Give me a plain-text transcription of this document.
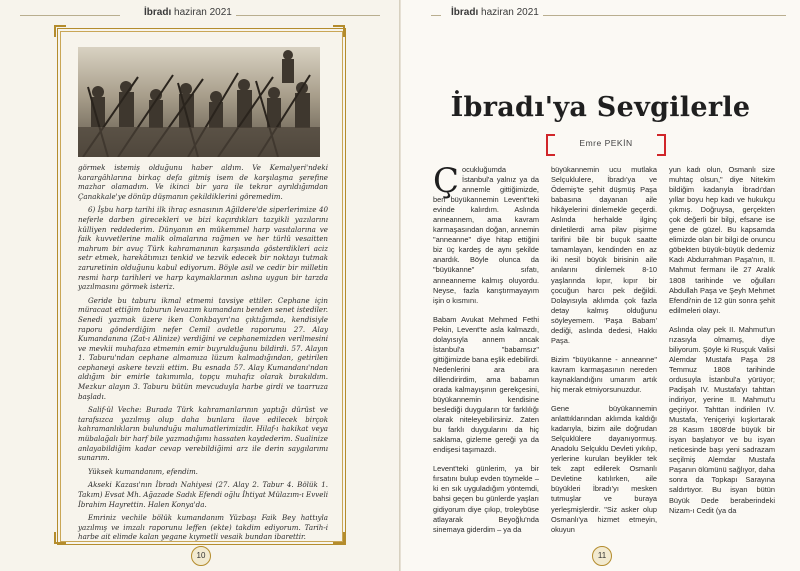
İbradı haziran 2021

görmek istemiş olduğunu haber aldım. Ve Kemalyeri'ndeki karargâhlarına birkaç defa gitmiş isem de karşılaşma şerefine mazhar olamadım. Ve ikinci bir yara ile tekrar ayrıldığımdan Çanakkale'ye dönüp düşmanın çekildiklerini göremedim.

6) İşbu harp tarihi ilk ihraç esnasının Ağildere'de siperlerimize 40 neferle darben girecekleri ve bizi kaçırdıkları tazyikli yazılarını külliyen reddederim. Dünyanın en mükemmel harp vasıtalarına ve faik kuvvetlerine malik olmalarına rağmen ve her türlü vesaitten mahrum bir avuç Türk kahramanının karşısında gösterdikleri aciz setr etmek, harekâtımızı tenkid ve tezvik edecek bir noktayı tutmak zaruretinin olduğunu kabul ediyorum. Böyle asil ve cedir bir milletin resmi harp tarihleri ve harp kaymaklarının aslına uygun bir tarzda yazılmasını görmek isteriz.

Geride bu taburu ikmal etmemi tavsiye ettiler. Cephane için müracaat ettiğim taburun levazım kumandanı benden senet istediler. Senedi yazmak üzere iken Conkbayırı'na çıktığımda, kendisiyle raporu gönderdiğim nefer Cemil avdetle raporumu 27. Alay Kumandanına (Zat-ı Alinize) verdiğini ve cephanemizden verilmesini ve mevkii muhafaza etmemin emir buyrulduğunu bildirdi. 57. Alayın 1. Taburu'ndan cephane almamıza lüzum kalmadığından, getirilen cephaneyi askere tevzii ettim. Bu esnada 57. Alay Kumandanı'ndan aldığım bir emirle takımımla, topçu muhafız olarak bırakıldım. Mezkur alayın 3. Taburu bütün mevcuduyla harbe girdi ve taarruza başladı.

Salif-ül Veche: Burada Türk kahramanlarının yaptığı dürüst ve tarafsızca yazılmış olup daha bunlara ilave edilecek birçok kahramanlıkların bulunduğu malumatlerimizdir. Hilaf-ı hakikat veya mübalağalı bir harf bile yazmadığımı hassaten kaydederim. Sualinize anlayabildiğim kadar cevap verebildiğimi arz ile derin saygılarımı sunarım.

Yüksek kumandanım, efendim.

Akseki Kazası'nın İbradı Nahiyesi (27. Alay 2. Tabur 4. Bölük 1. Takım) Evsat Mh. Ağazade Sadık Efendi oğlu İhtiyat Mülazım-ı Evveli İbrahim Hayrettin. Halen Konya'da.

Emriniz vechile bölük kumandanım Yüzbaşı Faik Bey hattıyla yazılmış ve imzalı raporunu leffen (ekte) takdim ediyorum. Tarih-i harbe ait elimde kalan yegane kıymetli vesaik bundan ibarettir.

10
İbradı haziran 2021
İbradı'ya Sevgilerle
Emre PEKİN

Çocukluğumda İstanbul'a yalnız ya da annemle gittiğimizde, ben büyükannemin Levent'teki evinde kalırdım. Aslında anneannem, ama kavram karmaşasından doğan, annemin "anneanne" diye hitap ettiğini biz üç kardeş de aynı şekilde anardık. Böyle olunca da "büyükanne" sıfatı, anneanneme kalmış oluyordu. Neyse, fazla karıştırmayayım işin o kısmını.

Babam Avukat Mehmed Fethi Pekin, Levent'te asla kalmazdı, dolayısıyla annem ancak İstanbul'a "babamsız" gittiğimizde bana eşlik edebilirdi. Nedenlerini ara ara dillendirirdim, ama babamın orada kalmayışının gerekçesini, büyükannemin kendisine beslediği duyguların tür farklılığı olarak niteleyebilirsiniz. Zaten bu farklı duygularını da hiç saklama, gizleme gereği ya da endişesi taşımazdı.

Levent'teki günlerim, ya bir fırsatını bulup evden tüymekle – ki en sık uyguladığım yöntemdi, bahsi geçen bu günlerde yaşları gidiyorum diye çıkıp, troleybüse atlayarak Beyoğlu'nda sinemaya giderdim – ya da

büyükannemin ucu mutlaka Selçuklulere, İbradı'ya ve Ödemiş'te şehit düşmüş Paşa babasına dayanan aile hikâyelerini dinlemekle geçerdi. Aslında herhalde ilginç dinletilerdi ama pilav pişirme tarifini bile bir buçuk saatte tamamlayan, kendinden en az iki nesil büyük birisinin aile anılarını dinlemek 8-10 yaşlarında kıpır, kıpır bir çocuğun harcı pek değildi. Dolayısıyla aklımda çok fazla detay kalmış olduğunu söyleyemem. 'Paşa Babam' dediği, aslında dedesi, Hakkı Paşa.

Bizim "büyükanne - anneanne" kavram karmaşasının nereden kaynaklandığını umarım artık hiç merak etmiyorsunuzdur.

Gene büyükannemin anlattıklarından aklımda kaldığı kadarıyla, bizim aile doğrudan Selçuklülere dayanıyormuş. Anadolu Selçuklu Devleti yıkılıp, yerlerine kurulan beylikler tek tek zapt edilerek Osmanlı Devletine katılırken, aile büyükleri İbradı'yı mesken tutmuşlar ve buraya yerleşmişlerdir. "Siz asker olup Osmanlı'ya hizmet etmeyin, okuyun

yun kadı olun, Osmanlı size muhtaç olsun," diye Nitekim bildiğim kadarıyla İbradı'dan yıllar boyu hep kadı ve hukukçu çıkmış. Doğruysa, gerçekten çok değerli bir bilgi, efsane ise gene de güzel. Bu kapsamda elimizde olan bir bilgi de onuncu göbekten büyük-büyük dedemiz Kadı Abdurrahman Paşa'nın, II. Mahmut fermanı ile 27 Aralık 1808 tarihinde ve oğulları Abdullah Paşa ve Şeyh Mehmet Efendi'nin de 12 gün sonra şehit edilmeleri olayı.

Aslında olay pek II. Mahmut'un rızasıyla olmamış, diye biliyorum. Şöyle ki Rusçuk Valisi Alemdar Mustafa Paşa 28 Temmuz 1808 tarihinde ordusuyla İstanbul'a yürüyor; Padişah IV. Mustafa'yı tahttan indiriyor, yerine II. Mahmut'u geçiriyor. Tahttan indirilen IV. Mustafa, Yeniçeriyi kışkırtarak 28 Kasım 1808'de büyük bir isyan başlatıyor ve bu isyan neticesinde başı yeni sadrazam seçilmiş Alemdar Mustafa Paşanın ölümünü sağlıyor, daha sonra da Topkapı Sarayına saldırtıyor. Bu isyan bütün Büyük Dede beraberindeki Nizam-ı Cedit (ya da

11
